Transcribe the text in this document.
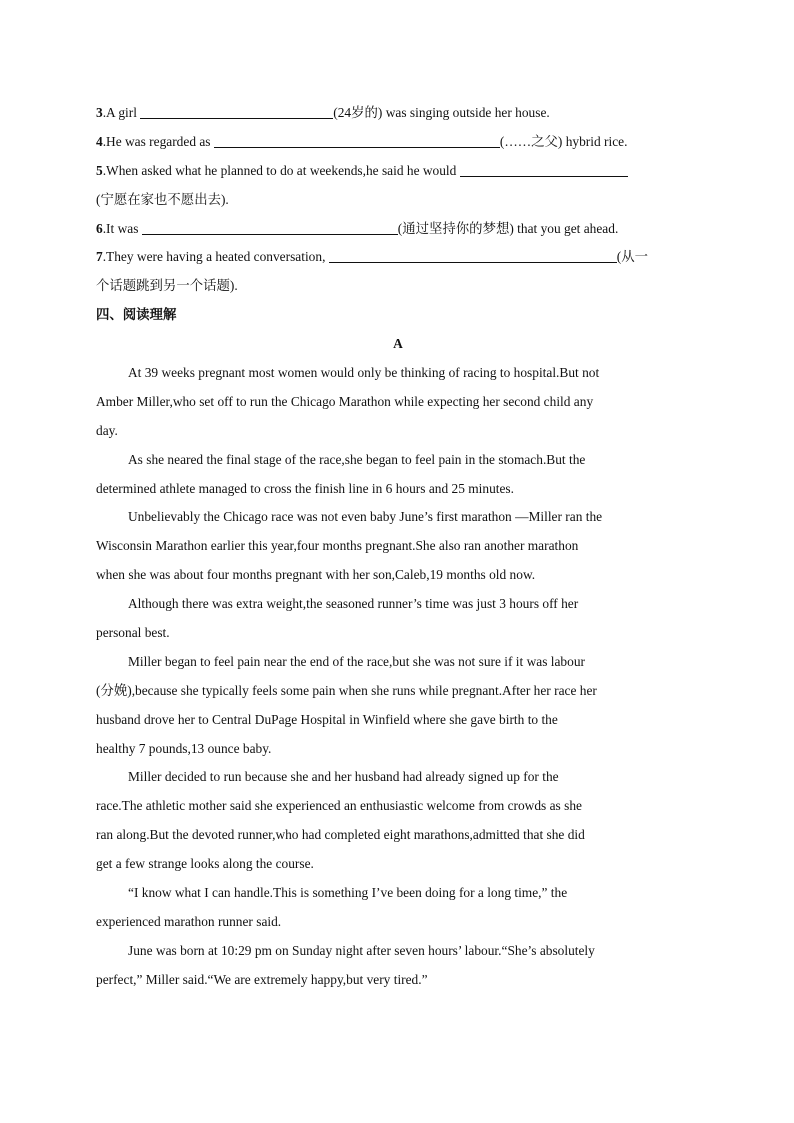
3.A girl	(24岁的) was singing outside her house.
4.He was regarded as	(……之父) hybrid rice.
5.When asked what he planned to do at weekends,he said he would
(宁愿在家也不愿出去).
6.It was	(通过坚持你的梦想) that you get ahead.
7.They were having a heated conversation,	(从一
个话题跳到另一个话题).
四、阅读理解
A
At 39 weeks pregnant most women would only be thinking of racing to hospital.But not
Amber Miller,who set off to run the Chicago Marathon while expecting her second child any
day.
As she neared the final stage of the race,she began to feel pain in the stomach.But the
determined athlete managed to cross the finish line in 6 hours and 25 minutes.
Unbelievably the Chicago race was not even baby June’s first marathon —Miller ran the
Wisconsin Marathon earlier this year,four months pregnant.She also ran another marathon
when she was about four months pregnant with her son,Caleb,19 months old now.
Although there was extra weight,the seasoned runner’s time was just 3 hours off her
personal best.
Miller began to feel pain near the end of the race,but she was not sure if it was labour
(分娩),because she typically feels some pain when she runs while pregnant.After her race her
husband drove her to Central DuPage Hospital in Winfield where she gave birth to the
healthy 7 pounds,13 ounce baby.
Miller decided to run because she and her husband had already signed up for the
race.The athletic mother said she experienced an enthusiastic welcome from crowds as she
ran along.But the devoted runner,who had completed eight marathons,admitted that she did
get a few strange looks along the course.
“I know what I can handle.This is something I’ve been doing for a long time,” the
experienced marathon runner said.
June was born at 10:29 pm on Sunday night after seven hours’ labour.“She’s absolutely
perfect,” Miller said.“We are extremely happy,but very tired.”
